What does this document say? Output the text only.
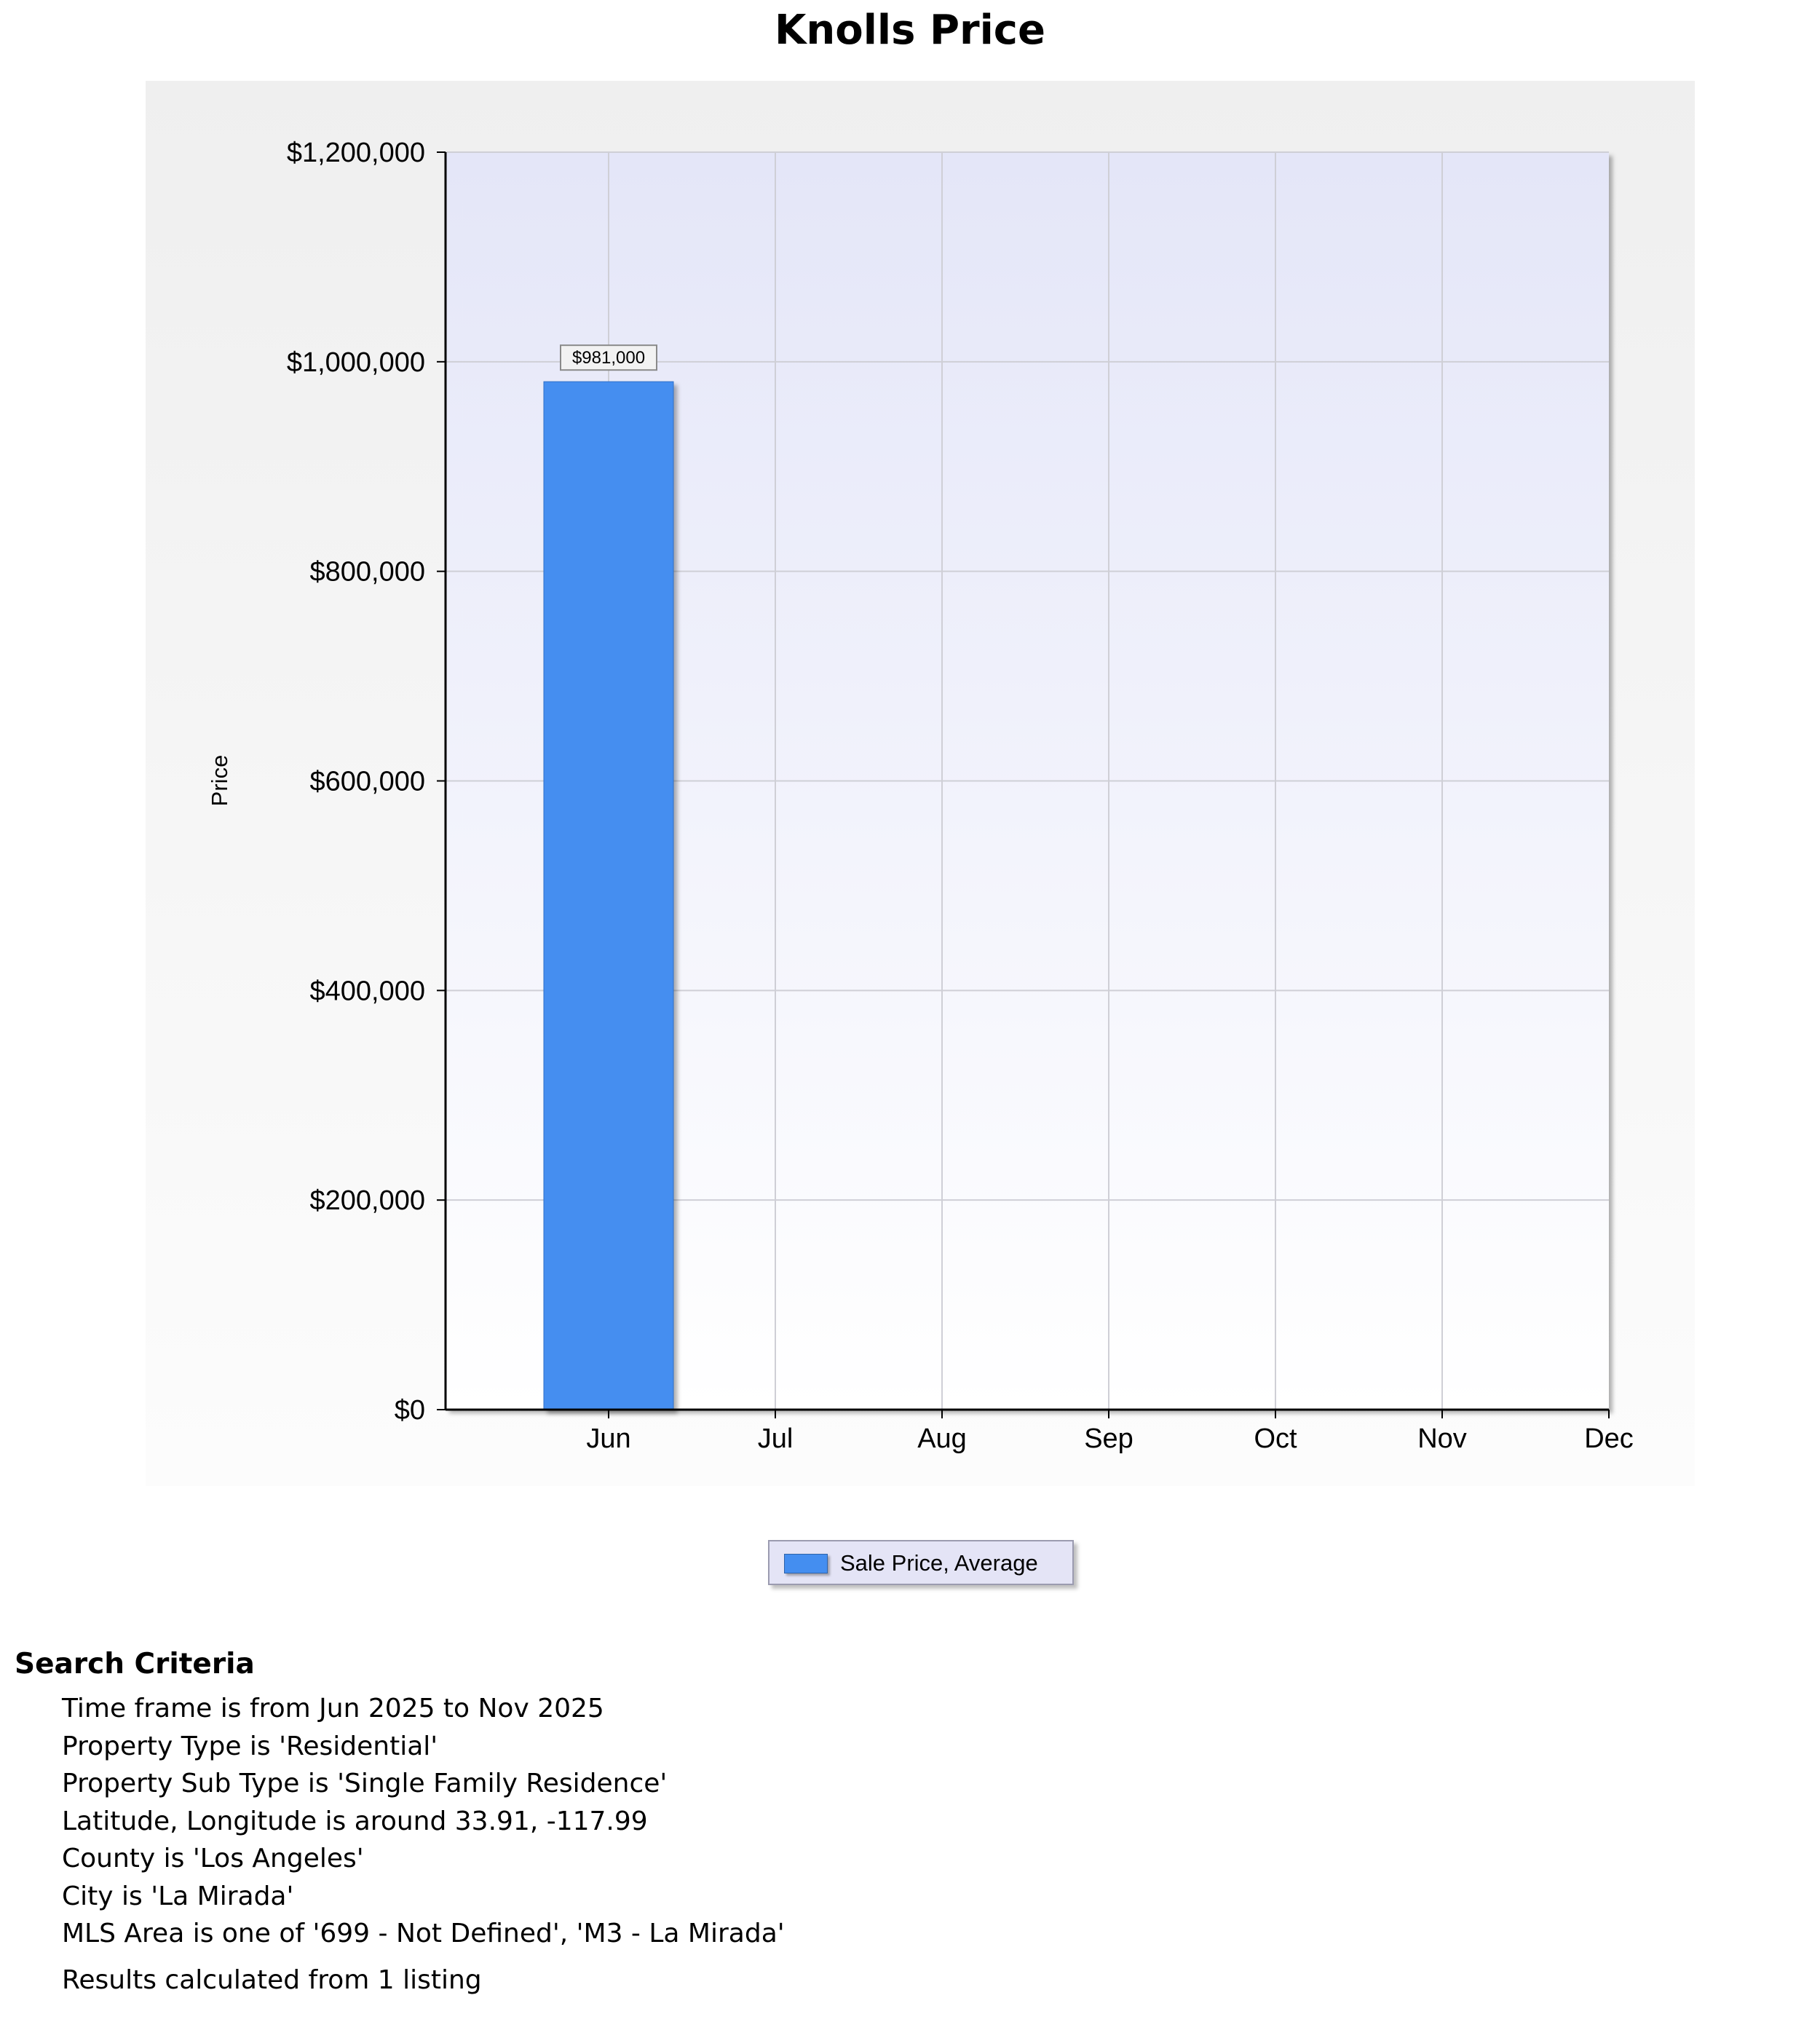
Knolls Price
$981,000
$0
$200,000
$400,000
$600,000
$800,000
$1,000,000
$1,200,000
Jun	Jul	Aug	Sep	Oct	Nov	Dec
Price
Sale Price, Average
Search Criteria
Time frame is from Jun 2025 to Nov 2025
Property Type is 'Residential'
Property Sub Type is 'Single Family Residence'
Latitude, Longitude is around 33.91, -117.99
County is 'Los Angeles'
City is 'La Mirada'
MLS Area is one of '699 - Not Defined', 'M3 - La Mirada'
Results calculated from 1 listing
